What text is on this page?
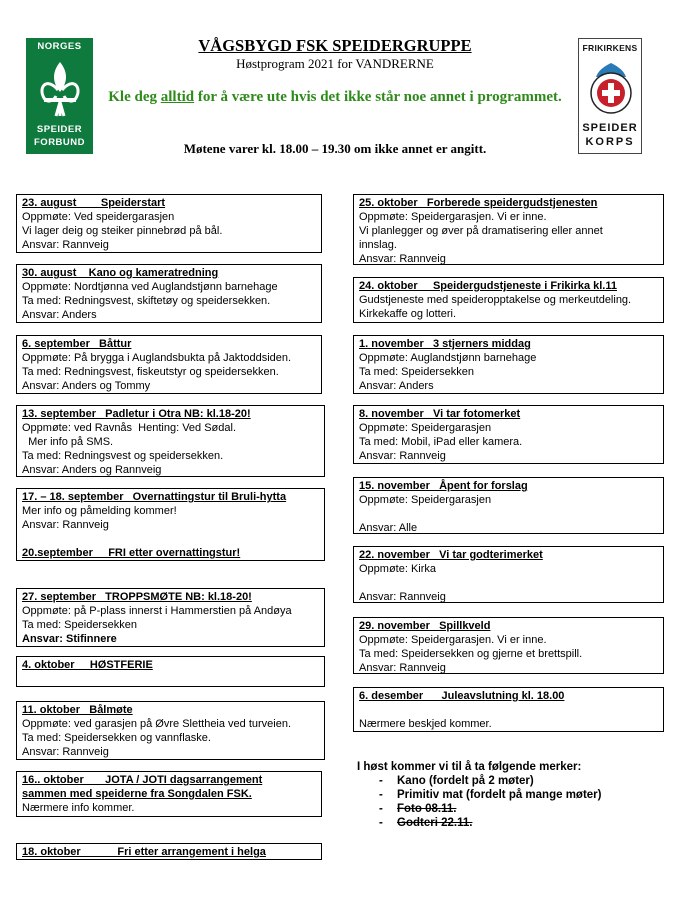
NORGES
SPEIDER
FORBUND
FRIKIRKENS
SPEIDER
KORPS
VÅGSBYGD FSK SPEIDERGRUPPE
Høstprogram 2021 for VANDRERNE
Kle deg alltid for å være ute hvis det ikke står noe annet i programmet.
Møtene varer kl. 18.00 – 19.30 om ikke annet er angitt.
23. august        Speiderstart
Oppmøte: Ved speidergarasjen
Vi lager deig og steiker pinnebrød på bål.
Ansvar: Rannveig
30. august    Kano og kameratredning
Oppmøte: Nordtjønna ved Auglandstjønn barnehage
Ta med: Redningsvest, skiftetøy og speidersekken.
Ansvar: Anders
6. september   Båttur
Oppmøte: På brygga i Auglandsbukta på Jaktoddsiden.
Ta med: Redningsvest, fiskeutstyr og speidersekken.
Ansvar: Anders og Tommy
13. september   Padletur i Otra NB: kl.18-20!
Oppmøte: ved Ravnås  Henting: Ved Sødal.
Mer info på SMS.
Ta med: Redningsvest og speidersekken.
Ansvar: Anders og Rannveig
17. – 18. september   Overnattingstur til Bruli-hytta
Mer info og påmelding kommer!
Ansvar: Rannveig
20.september     FRI etter overnattingstur!
27. september   TROPPSMØTE NB: kl.18-20!
Oppmøte: på P-plass innerst i Hammerstien på Andøya
Ta med: Speidersekken
Ansvar: Stifinnere
4. oktober     HØSTFERIE
11. oktober   Bålmøte
Oppmøte: ved garasjen på Øvre Slettheia ved turveien.
Ta med: Speidersekken og vannflaske.
Ansvar: Rannveig
16.. oktober       JOTA / JOTI dagsarrangement
sammen med speiderne fra Songdalen FSK.
Nærmere info kommer.
18. oktober            Fri etter arrangement i helga
25. oktober   Forberede speidergudstjenesten
Oppmøte: Speidergarasjen. Vi er inne.
Vi planlegger og øver på dramatisering eller annet
innslag.
Ansvar: Rannveig
24. oktober     Speidergudstjeneste i Frikirka kl.11
Gudstjeneste med speideropptakelse og merkeutdeling.
Kirkekaffe og lotteri.
1. november   3 stjerners middag
Oppmøte: Auglandstjønn barnehage
Ta med: Speidersekken
Ansvar: Anders
8. november   Vi tar fotomerket
Oppmøte: Speidergarasjen
Ta med: Mobil, iPad eller kamera.
Ansvar: Rannveig
15. november   Åpent for forslag
Oppmøte: Speidergarasjen
Ansvar: Alle
22. november   Vi tar godterimerket
Oppmøte: Kirka
Ansvar: Rannveig
29. november   Spillkveld
Oppmøte: Speidergarasjen. Vi er inne.
Ta med: Speidersekken og gjerne et brettspill.
Ansvar: Rannveig
6. desember      Juleavslutning kl. 18.00
Nærmere beskjed kommer.
I høst kommer vi til å ta følgende merker:
- Kano (fordelt på 2 møter)
- Primitiv mat (fordelt på mange møter)
- Foto 08.11.
- Godteri 22.11.
